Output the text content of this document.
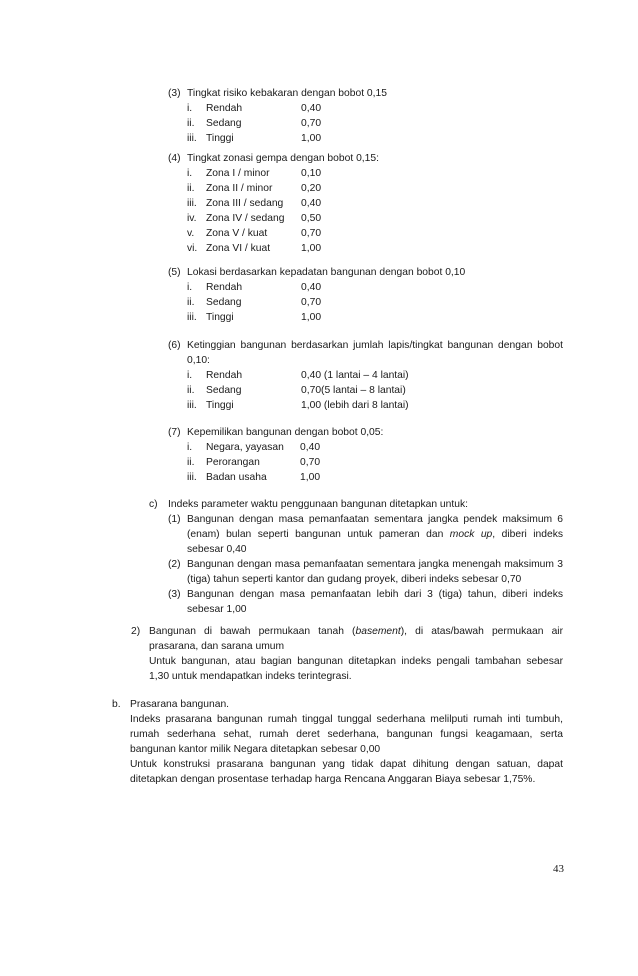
(3) Tingkat risiko kebakaran dengan bobot 0,15
i. Rendah	0,40
ii. Sedang	0,70
iii. Tinggi	1,00
(4) Tingkat zonasi gempa dengan bobot 0,15:
i. Zona I / minor	0,10
ii. Zona II / minor	0,20
iii. Zona III / sedang 0,40
iv. Zona IV / sedang 0,50
v. Zona V / kuat	0,70
vi. Zona VI / kuat	1,00
(5) Lokasi berdasarkan kepadatan bangunan dengan bobot 0,10
i. Rendah	0,40
ii. Sedang	0,70
iii. Tinggi	1,00
(6) Ketinggian bangunan berdasarkan jumlah lapis/tingkat bangunan dengan bobot
0,10:
i. Rendah	0,40 (1 lantai – 4 lantai)
ii. Sedang	0,70(5 lantai – 8 lantai)
iii. Tinggi	1,00 (lebih dari 8 lantai)
(7) Kepemilikan bangunan dengan bobot 0,05:
i. Negara, yayasan 0,40
ii. Perorangan	0,70
iii. Badan usaha	1,00
c) Indeks parameter waktu penggunaan bangunan ditetapkan untuk:
(1) Bangunan dengan masa pemanfaatan sementara jangka pendek maksimum 6
(enam) bulan seperti bangunan untuk pameran dan mock up, diberi indeks
sebesar 0,40
(2) Bangunan dengan masa pemanfaatan sementara jangka menengah maksimum 3
(tiga) tahun seperti kantor dan gudang proyek, diberi indeks sebesar 0,70
(3) Bangunan dengan masa pemanfaatan lebih dari 3 (tiga) tahun, diberi indeks
sebesar 1,00
2) Bangunan di bawah permukaan tanah (basement), di atas/bawah permukaan air
prasarana, dan sarana umum
Untuk bangunan, atau bagian bangunan ditetapkan indeks pengali tambahan sebesar
1,30 untuk mendapatkan indeks terintegrasi.
b. Prasarana bangunan.
Indeks prasarana bangunan rumah tinggal tunggal sederhana melilputi rumah inti tumbuh,
rumah sederhana sehat, rumah deret sederhana, bangunan fungsi keagamaan, serta
bangunan kantor milik Negara ditetapkan sebesar 0,00
Untuk konstruksi prasarana bangunan yang tidak dapat dihitung dengan satuan, dapat
ditetapkan dengan prosentase terhadap harga Rencana Anggaran Biaya sebesar 1,75%.
43
